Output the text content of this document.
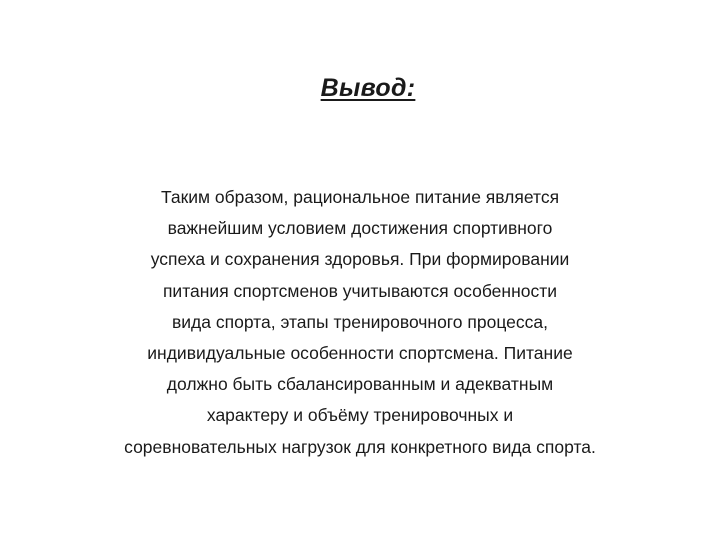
Вывод:
Таким образом, рациональное питание является
важнейшим условием достижения спортивного
успеха и сохранения здоровья. При формировании
питания спортсменов учитываются особенности
вида спорта, этапы тренировочного процесса,
индивидуальные особенности спортсмена. Питание
должно быть сбалансированным и адекватным
характеру и объёму тренировочных и
соревновательных нагрузок для конкретного вида спорта.
